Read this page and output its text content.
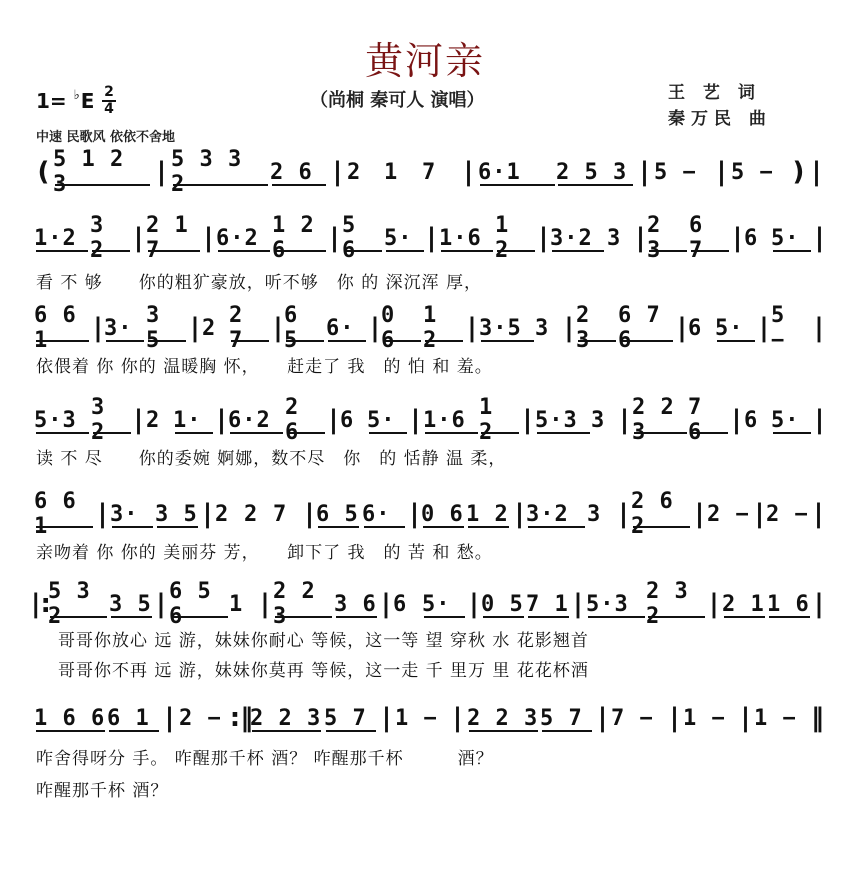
黄河亲
（尚桐 秦可人 演唱）	王 艺 词
秦万民 曲
1= ♭E 2
4
中速 民歌风 依依不舍地
( 5 1 2 3	| 5 3 3 2	2 6 | 2	1	7	| 6·1	2 5 3 | 5 − | 5 − ) |
1·2 3 2	| 2 1 7	| 6·2 1 2 6	| 5 6	5· | 1·6 1 2	| 3·2 3 | 2 3
6 7	| 6 5· |
6 6 1	| 3· 3 5	| 2 2 7	| 6 5	6· | 0 6
1 2	| 3·5 3 | 2 3
6 7 6	| 6 5· | 5 −	|
5·3 3 2	| 2 1· | 6·2 2 6	| 6 5· | 1·6 1 2	| 5·3 3 | 2 2 3
7 6	| 6 5· |
6 6 1	| 3· 3 5 | 2 2 7 | 6 5 6· | 0 6 1 2 | 3·2 3 | 2 6 2	| 2 − | 2 − |
|:
5 3 2	3 5 | 6 5 6	1 | 2 2 3	3 6 | 6 5· | 0 5 7 1 | 5·3 2 3 2	| 2 1 1 6 |
1 6 6 6 1 | 2 − :‖
2 2 3 5 7 | 1 − | 2 2 3 5 7 | 7 − | 1 − | 1 − ‖
看 不 够　　你的粗犷豪放，听不够　你 的 深沉浑 厚，
依偎着 你 你的 温暖胸 怀，　　赶走了 我　的 怕 和 羞。
读 不 尽　　你的委婉 婀娜，数不尽　你　的 恬静 温 柔，
亲吻着 你 你的 美丽芬 芳，　　卸下了 我　的 苦 和 愁。
哥哥你放心 远 游，妹妹你耐心 等候，这一等 望 穿秋 水 花影翘首
哥哥你不再 远 游，妹妹你莫再 等候，这一走 千 里万 里 花花杯酒
咋舍得呀分 手。 咋醒那千杯 酒？ 咋醒那千杯　　　酒？
咋醒那千杯 酒？
